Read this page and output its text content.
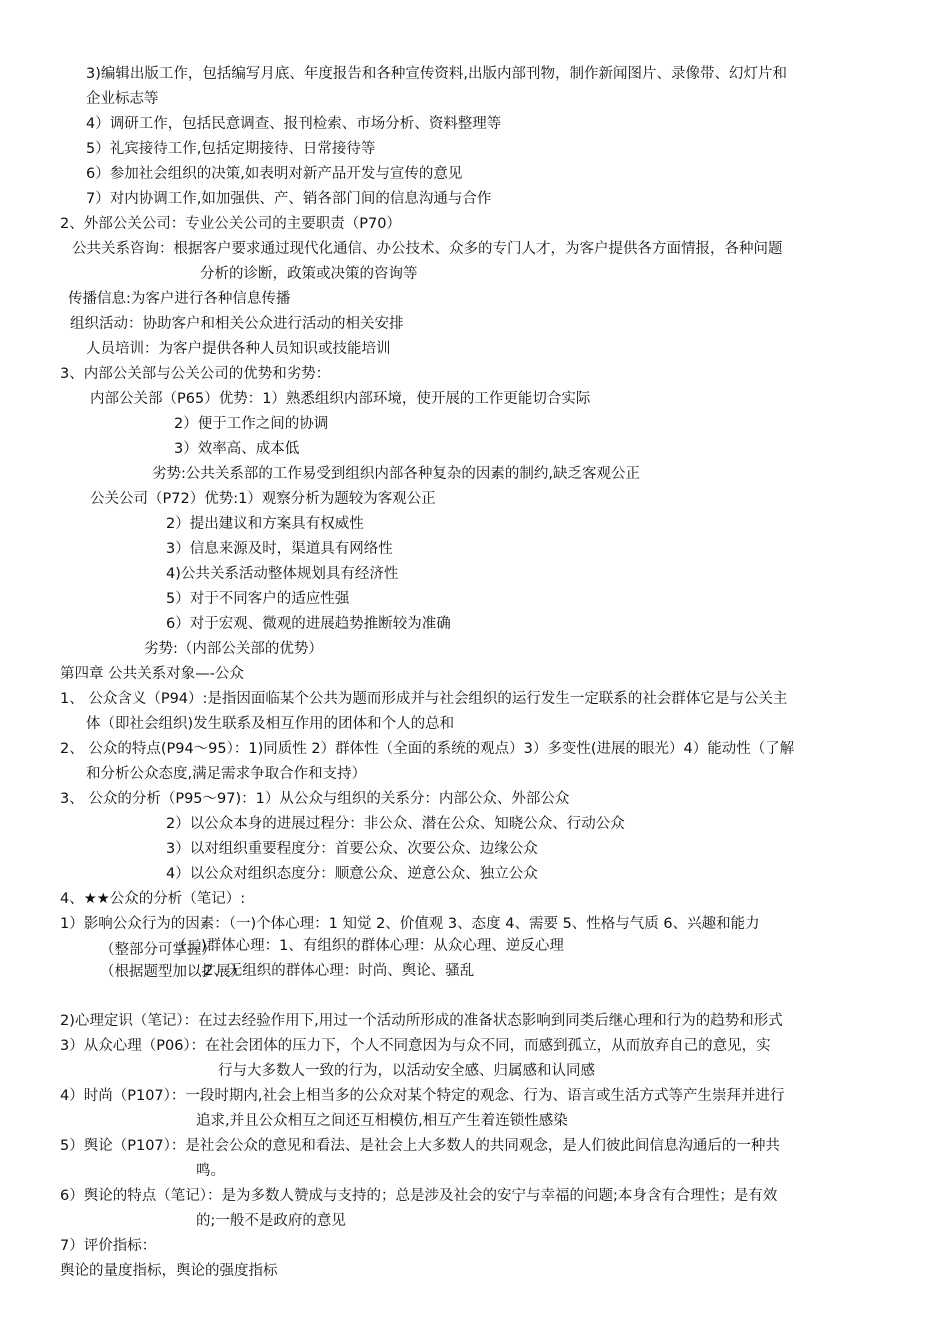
3)编辑出版工作，包括编写月底、年度报告和各种宣传资料,出版内部刊物，制作新闻图片、录像带、幻灯片和
企业标志等
4）调研工作，包括民意调查、报刊检索、市场分析、资料整理等
5）礼宾接待工作,包括定期接待、日常接待等
6）参加社会组织的决策,如表明对新产品开发与宣传的意见
7）对内协调工作,如加强供、产、销各部门间的信息沟通与合作
2、外部公关公司：专业公关公司的主要职责（P70）
公共关系咨询：根据客户要求通过现代化通信、办公技术、众多的专门人才，为客户提供各方面情报，各种问题
分析的诊断，政策或决策的咨询等
传播信息:为客户进行各种信息传播
组织活动：协助客户和相关公众进行活动的相关安排
人员培训：为客户提供各种人员知识或技能培训
3、内部公关部与公关公司的优势和劣势：
内部公关部（P65）优势：1）熟悉组织内部环境，使开展的工作更能切合实际
2）便于工作之间的协调
3）效率高、成本低
劣势:公共关系部的工作易受到组织内部各种复杂的因素的制约,缺乏客观公正
公关公司（P72）优势:1）观察分析为题较为客观公正
2）提出建议和方案具有权威性
3）信息来源及时，渠道具有网络性
4)公共关系活动整体规划具有经济性
5）对于不同客户的适应性强
6）对于宏观、微观的进展趋势推断较为准确
劣势:（内部公关部的优势）
第四章 公共关系对象—-公众
1、 公众含义（P94）:是指因面临某个公共为题而形成并与社会组织的运行发生一定联系的社会群体它是与公关主
体（即社会组织)发生联系及相互作用的团体和个人的总和
2、 公众的特点(P94～95）：1)同质性 2）群体性（全面的系统的观点）3）多变性(进展的眼光）4）能动性（了解
和分析公众态度,满足需求争取合作和支持）
3、 公众的分析（P95～97)：1）从公众与组织的关系分：内部公众、外部公众
2）以公众本身的进展过程分：非公众、潜在公众、知晓公众、行动公众
3）以对组织重要程度分：首要公众、次要公众、边缘公众
4）以公众对组织态度分：顺意公众、逆意公众、独立公众
4、★★公众的分析（笔记）:
1）影响公众行为的因素：（一)个体心理：1 知觉 2、价值观 3、态度 4、需要 5、性格与气质 6、兴趣和能力
（整部分可掌握）
（二)群体心理：1、有组织的群体心理：从众心理、逆反心理
（根据题型加以扩展）
2、无组织的群体心理：时尚、舆论、骚乱
2)心理定识（笔记）：在过去经验作用下,用过一个活动所形成的准备状态影响到同类后继心理和行为的趋势和形式
3）从众心理（P06）：在社会团体的压力下，个人不同意因为与众不同，而感到孤立，从而放弃自己的意见，实
行与大多数人一致的行为，以活动安全感、归属感和认同感
4）时尚（P107）：一段时期内,社会上相当多的公众对某个特定的观念、行为、语言或生活方式等产生崇拜并进行
追求,并且公众相互之间还互相模仿,相互产生着连锁性感染
5）舆论（P107）：是社会公众的意见和看法、是社会上大多数人的共同观念，是人们彼此间信息沟通后的一种共
鸣。
6）舆论的特点（笔记）：是为多数人赞成与支持的；总是涉及社会的安宁与幸福的问题;本身含有合理性；是有效
的;一般不是政府的意见
7）评价指标：
舆论的量度指标，舆论的强度指标
